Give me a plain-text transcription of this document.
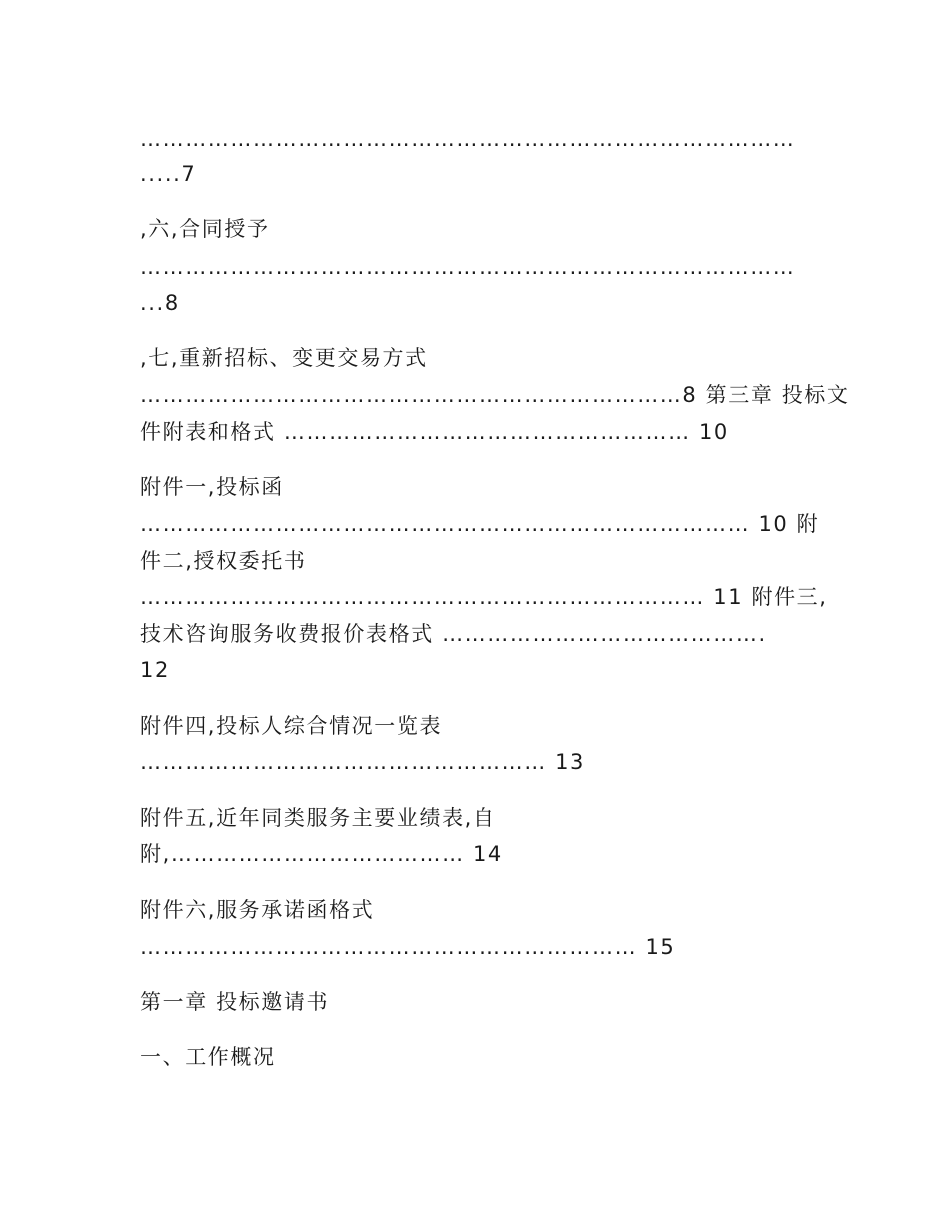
……………………………………………………………………………
.....7
,六,合同授予
……………………………………………………………………………
...8
,七,重新招标、变更交易方式
………………………………………………………………8 第三章 投标文
件附表和格式 ……………………………………………… 10
附件一,投标函
……………………………………………………………………… 10 附
件二,授权委托书
………………………………………………………………… 11 附件三,
技术咨询服务收费报价表格式 …………………………………….
12
附件四,投标人综合情况一览表
……………………………………………… 13
附件五,近年同类服务主要业绩表,自
附,………………………………… 14
附件六,服务承诺函格式
………………………………………………………… 15
第一章 投标邀请书
一、工作概况
